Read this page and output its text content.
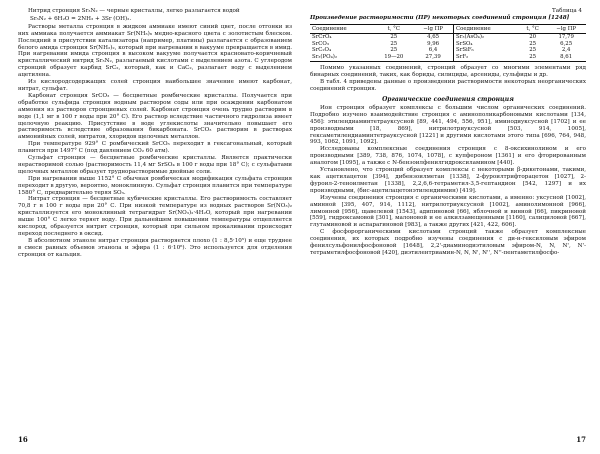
Нитрид стронция Sr₃N₂ — черные кристаллы, легко разлагается водой

Sr₃N₂ + 6H₂O = 2NH₃ + 3Sr (OH)₂.

Растворы металла стронция в жидком аммиаке имеют синий цвет, после отгонки из них аммиака получается аммиакат Sr(NH₃)₆ медно-красного цвета с золотистым блеском. Последний в присутствии катализатора (например, платины) разлагается с образованием белого амида стронция Sr(NH₂)₂, который при нагревании в вакууме превращается в имид. При нагревании имида стронция в высоком вакууме получается красновато-коричневый кристаллический нитрид Sr₃N₂, разлагаемый кислотами с выделением азота. С углеродом стронций образует карбид SrC₂, который, как и CaC₂, разлагает воду с выделением ацетилена.

Из кислородсодержащих солей стронция наибольшее значение имеют карбонат, нитрат, сульфат.

Карбонат стронция SrCO₃ — бесцветные ромбические кристаллы. Получается при обработке сульфида стронция водным раствором соды или при осаждении карбонатом аммония из растворов стронциевых солей. Карбонат стронция очень трудно растворим в воде (1,1 мг в 100 г воды при 20° С). Его раствор вследствие частичного гидролиза имеет щелочную реакцию. Присутствие в воде углекислоты значительно повышает его растворимость вследствие образования бикарбоната. SrCO₃ растворим в растворах аммонийных солей, нитратов, хлоридов щелочных металлов.

При температуре 929° С ромбический SrCO₃ переходит в гексагональный, который плавится при 1497° С (под давлением CO₂ 60 атм).

Сульфат стронция — бесцветные ромбические кристаллы. Является практически нерастворимой солью (растворимость 11,4 мг SrSO₄ в 100 г воды при 18° С); с сульфатами щелочных металлов образует труднорастворимые двойные соли.

При нагревании выше 1152° С обычная ромбическая модификация сульфата стронция переходит в другую, вероятно, моноклинную. Сульфат стронция плавится при температуре 1580° С, предварительно теряя SO₃.

Нитрат стронция — бесцветные кубические кристаллы. Его растворимость составляет 70,8 г в 100 г воды при 20° С. При низкой температуре из водных растворов Sr(NO₃)₂ кристаллизуется его моноклинный тетрагидрат Sr(NO₃)₂·4H₂O, который при нагревании выше 100° С легко теряет воду. При дальнейшем повышении температуры отщепляется кислород, образуется нитрит стронция, который при сильном прокаливании происходит переход последнего в оксид.

В абсолютном этаноле нитрат стронция растворяется плохо (1 : 8,5·10⁵) и еще труднее в смеси равных объемов этанола и эфира (1 : 6·10⁶). Это используется для отделения стронция от кальция.

16

Таблица 4

Произведение растворимости (ПР) некоторых соединений стронция [1248]

Соединение	t, °C	−lg ПР	Соединение	t, °C	−lg ПР
SrCrO₄	25	4,65	Sr₃(AsO₄)₂	20	17,79
SrCO₃	25	9,96	SrSO₄	25	6,25
SrC₂O₄	25	6,4	SrSiF₆	25	2,4
Sr₃(PO₄)₂	19—20	27,39	SrF₂	25	8,61

Помимо указанных соединений, стронций образует со многими элементами ряд бинарных соединений, таких, как бориды, силициды, арсениды, сульфиды и др.

В табл. 4 приведены данные о произведении растворимости некоторых неорганических соединений стронция.

Органические соединения стронция

Ион стронция образует комплексы с большим числом органических соединений. Подробно изучено взаимодействие стронция с аминополикарбоновыми кислотами [134, 456]: этилендиаминтетрауксусной [89, 441, 494, 556, 951], иминодиуксусной [1702] и ее производными [18, 869], нитрилотриуксусной [503, 914, 1005], гексаметилендиаминтетрауксусной [1221] и другими кислотами этого типа [696, 764, 948, 993, 1062, 1091, 1092].

Исследованы комплексные соединения стронция с 8-оксихинолином и его производными [389, 738, 876, 1074, 1078], с купфероном [1361] и его фторированным аналогом [1095], а также с N-бензоилфенилгидроксиламином [440].

Установлено, что стронций образует комплексы с некоторыми β-дикетонами, такими, как ацетилацетон [394], дибензоилметан [1338], 2-фуроилтрифторацетон [1027], 2-фуроил-2-теноилметан [1338], 2,2,6,6-тетраметил-3,5-гептандион [542, 1297] и их производными, (бис-ацетилацетонэтилендиимин) [419].

Изучены соединения стронция с органическими кислотами, а именно: уксусной [1002], аминной [395, 407, 914, 1112], нитрилотриуксусной [1002], аминолимонной [966], лимонной [956], щавелевой [1543], адипиновой [66], яблочной и винной [66], пикриновой [559], гидроксамовой [301], малоновой и ее алкилзамещенными [1160], салициловой [667], глутаминовой и аспарагиновой [983], а также других [421, 422, 606].

С фосфорорганическими кислотами стронций также образует комплексные соединения, их которых подробно изучены соединения с ди-н-гексиловым эфиром фенилсульфонилфосфоновой [1648], 2,2'-диаминодиэтиловым эфиром-N, N, N', N'-тетраметилфосфоновой [420], диэтилентриамин-N, N, N', N'', N''-пентаметилфосфо-

17
